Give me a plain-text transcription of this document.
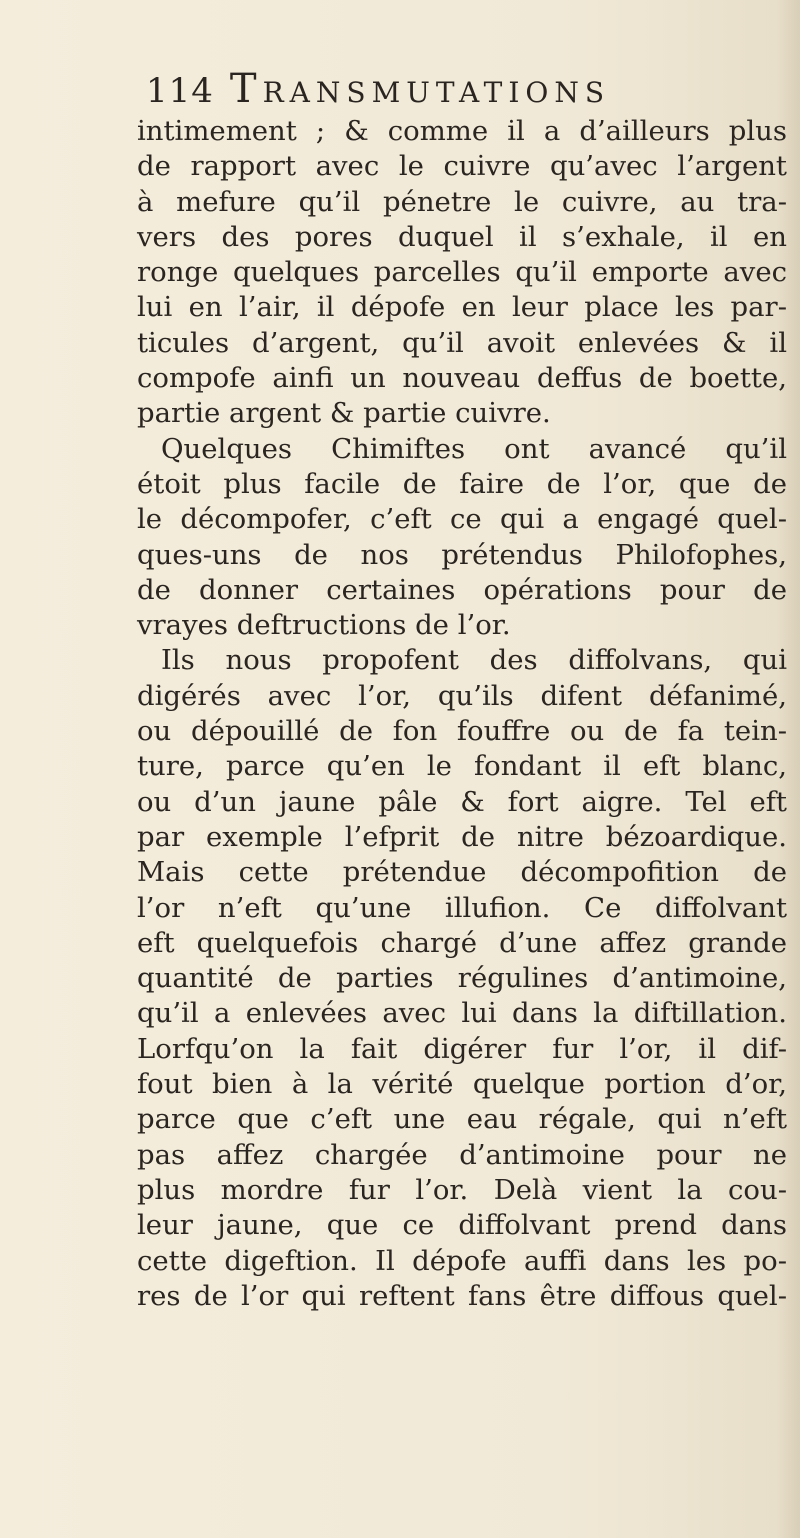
114 Transmutations
intimement ; & comme il a d’ailleurs plus
de rapport avec le cuivre qu’avec l’argent
à mefure qu’il pénetre le cuivre, au tra-
vers des pores duquel il s’exhale, il en
ronge quelques parcelles qu’il emporte avec
lui en l’air, il dépofe en leur place les par-
ticules d’argent, qu’il avoit enlevées & il
compofe ainfi un nouveau deffus de boette,
partie argent & partie cuivre.
Quelques Chimiftes ont avancé qu’il
étoit plus facile de faire de l’or, que de
le décompofer, c’eft ce qui a engagé quel-
ques-uns de nos prétendus Philofophes,
de donner certaines opérations pour de
vrayes deftructions de l’or.
Ils nous propofent des diffolvans, qui
digérés avec l’or, qu’ils difent défanimé,
ou dépouillé de fon fouffre ou de fa tein-
ture, parce qu’en le fondant il eft blanc,
ou d’un jaune pâle & fort aigre. Tel eft
par exemple l’efprit de nitre bézoardique.
Mais cette prétendue décompofition de
l’or n’eft qu’une illufion. Ce diffolvant
eft quelquefois chargé d’une affez grande
quantité de parties régulines d’antimoine,
qu’il a enlevées avec lui dans la diftillation.
Lorfqu’on la fait digérer fur l’or, il dif-
fout bien à la vérité quelque portion d’or,
parce que c’eft une eau régale, qui n’eft
pas affez chargée d’antimoine pour ne
plus mordre fur l’or. Delà vient la cou-
leur jaune, que ce diffolvant prend dans
cette digeftion. Il dépofe auffi dans les po-
res de l’or qui reftent fans être diffous quel-
